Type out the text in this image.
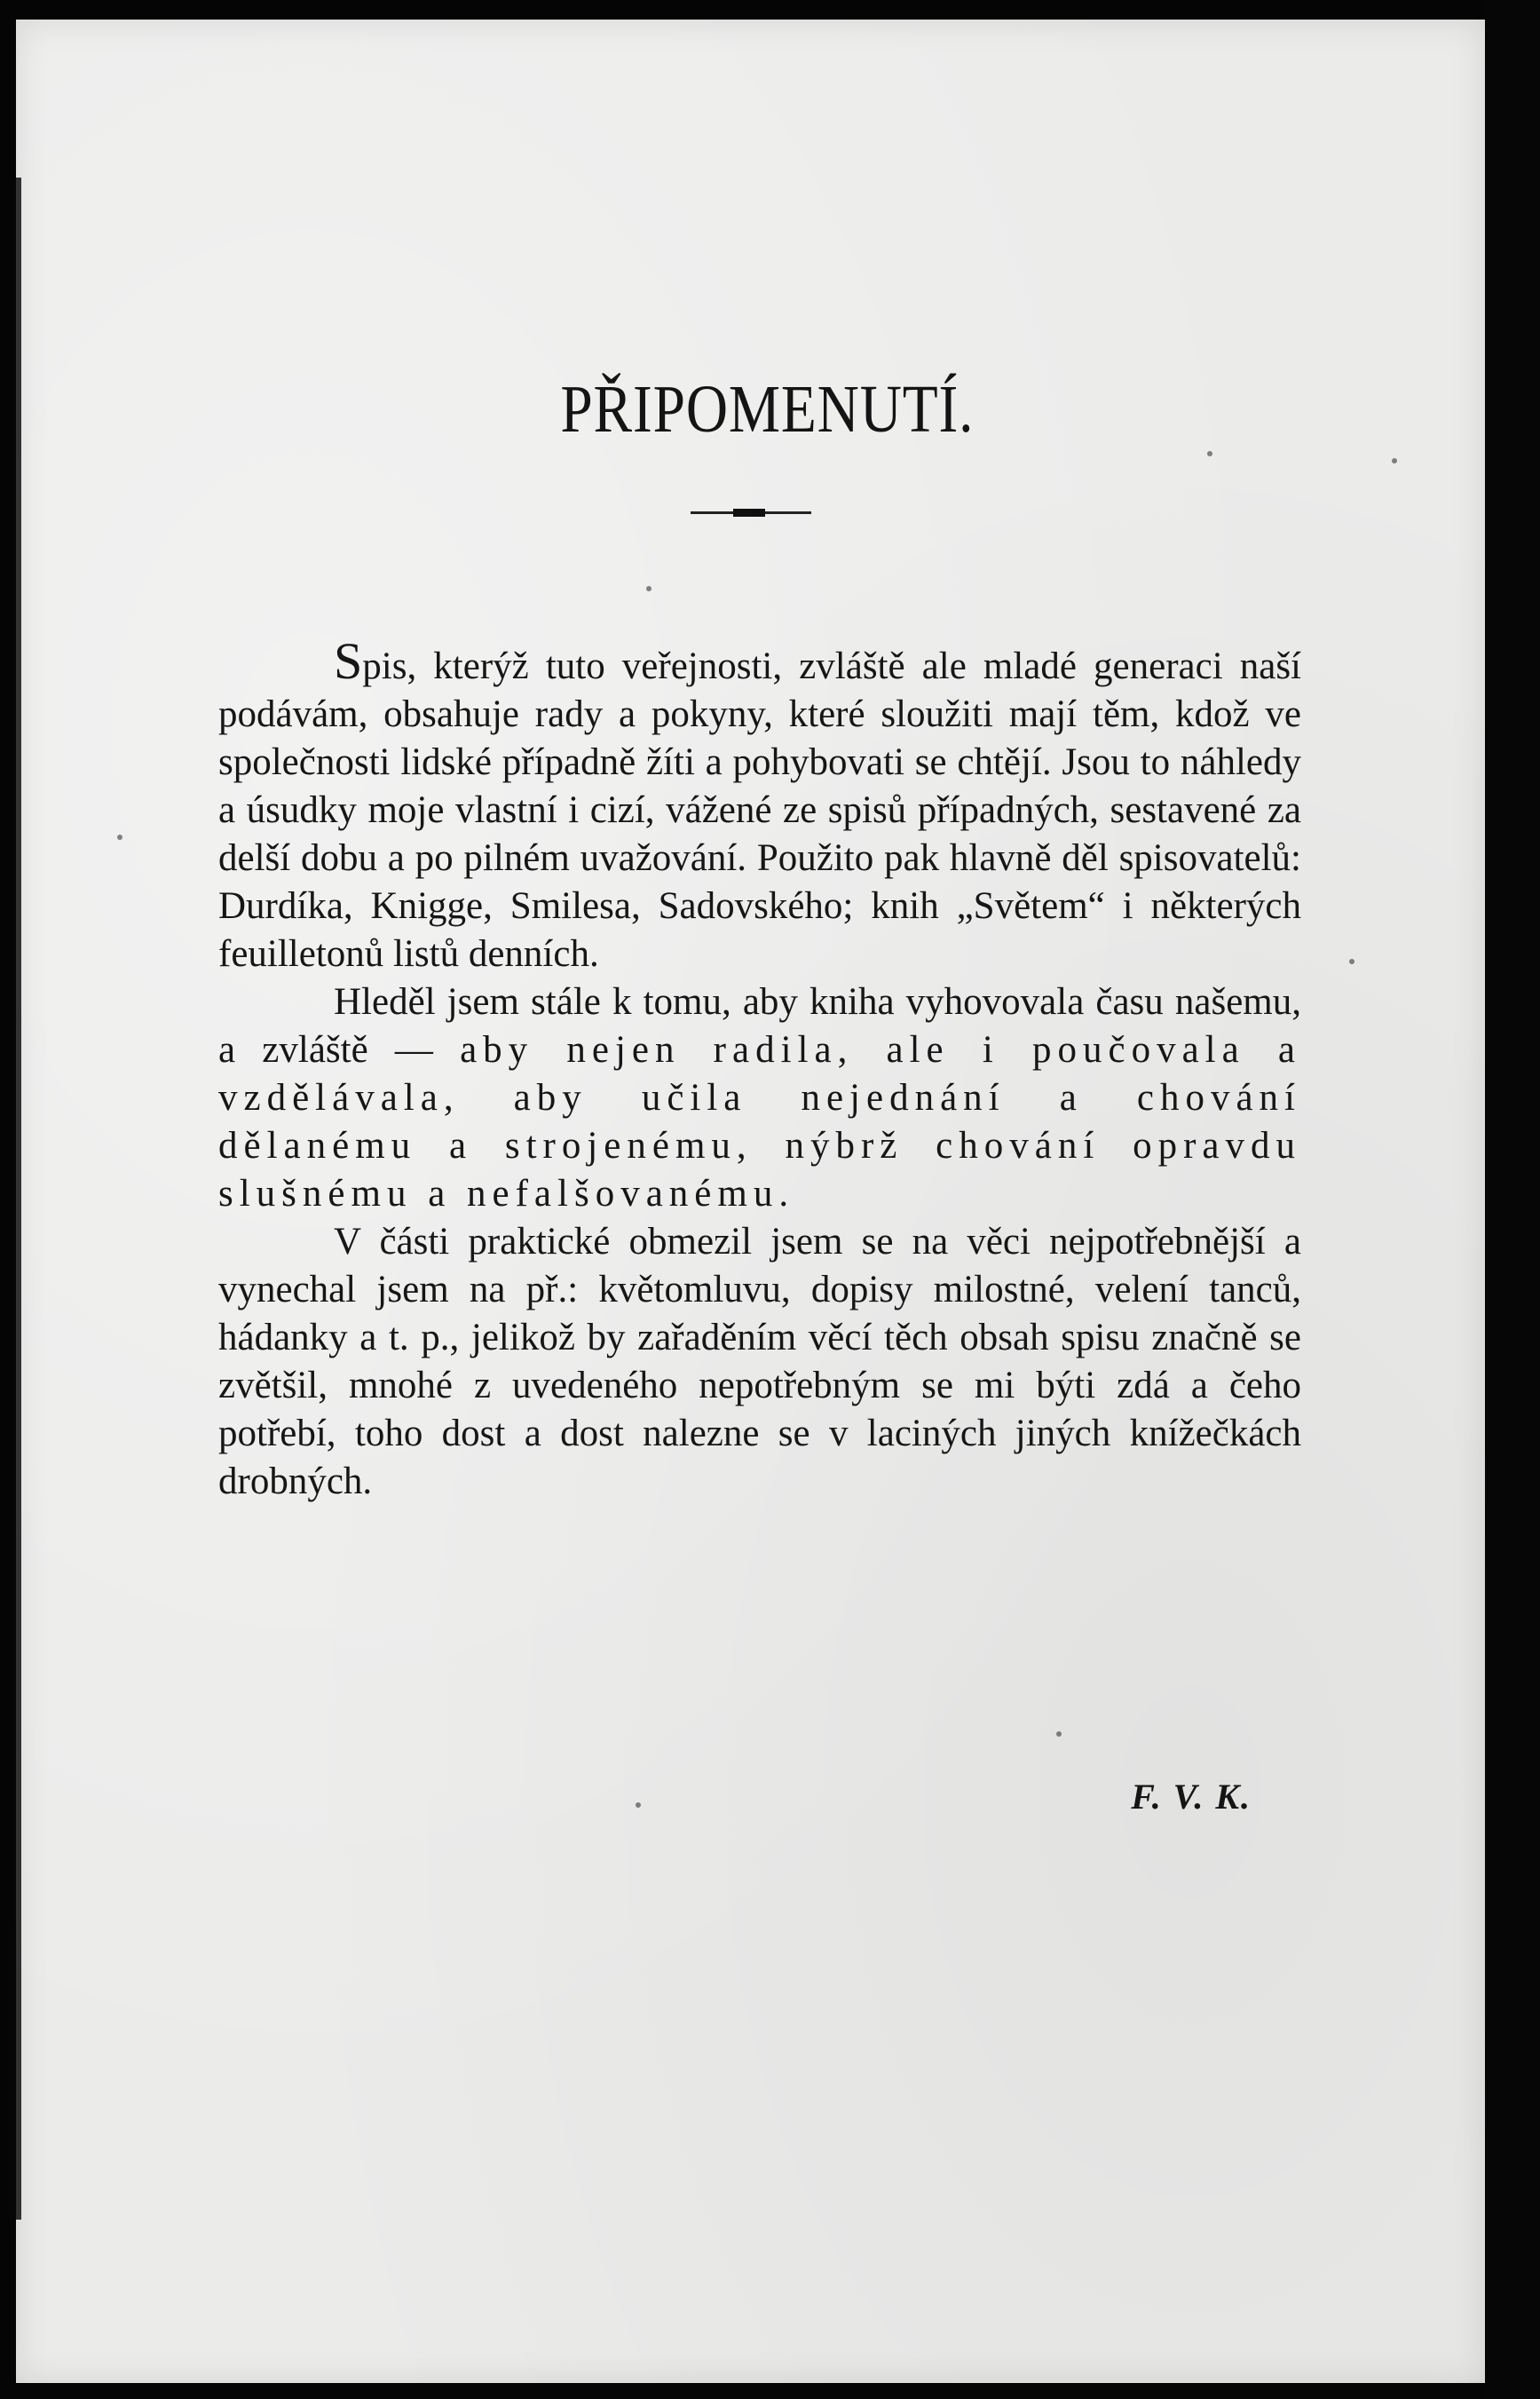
PŘIPOMENUTÍ.

Spis, kterýž tuto veřejnosti, zvláště ale mladé generaci naší podávám, obsahuje rady a pokyny, které sloužiti mají těm, kdož ve společnosti lidské případně žíti a pohybovati se chtějí. Jsou to náhledy a úsudky moje vlastní i cizí, vážené ze spisů případných, sestavené za delší dobu a po pilném uvažování. Použito pak hlavně děl spisovatelů: Durdíka, Knigge, Smilesa, Sadovského; knih „Světem“ i některých feuilletonů listů denních.

Hleděl jsem stále k tomu, aby kniha vyhovovala času našemu, a zvláště — aby nejen radila, ale i poučovala a vzdělávala, aby učila nejednání a chování dělanému a strojenému, nýbrž chování opravdu slušnému a nefalšovanému.

V části praktické obmezil jsem se na věci nejpotřebnější a vynechal jsem na př.: květomluvu, dopisy milostné, velení tanců, hádanky a t. p., jelikož by zařaděním věcí těch obsah spisu značně se zvětšil, mnohé z uvedeného nepotřebným se mi býti zdá a čeho potřebí, toho dost a dost nalezne se v laciných jiných knížečkách drobných.

F. V. K.
